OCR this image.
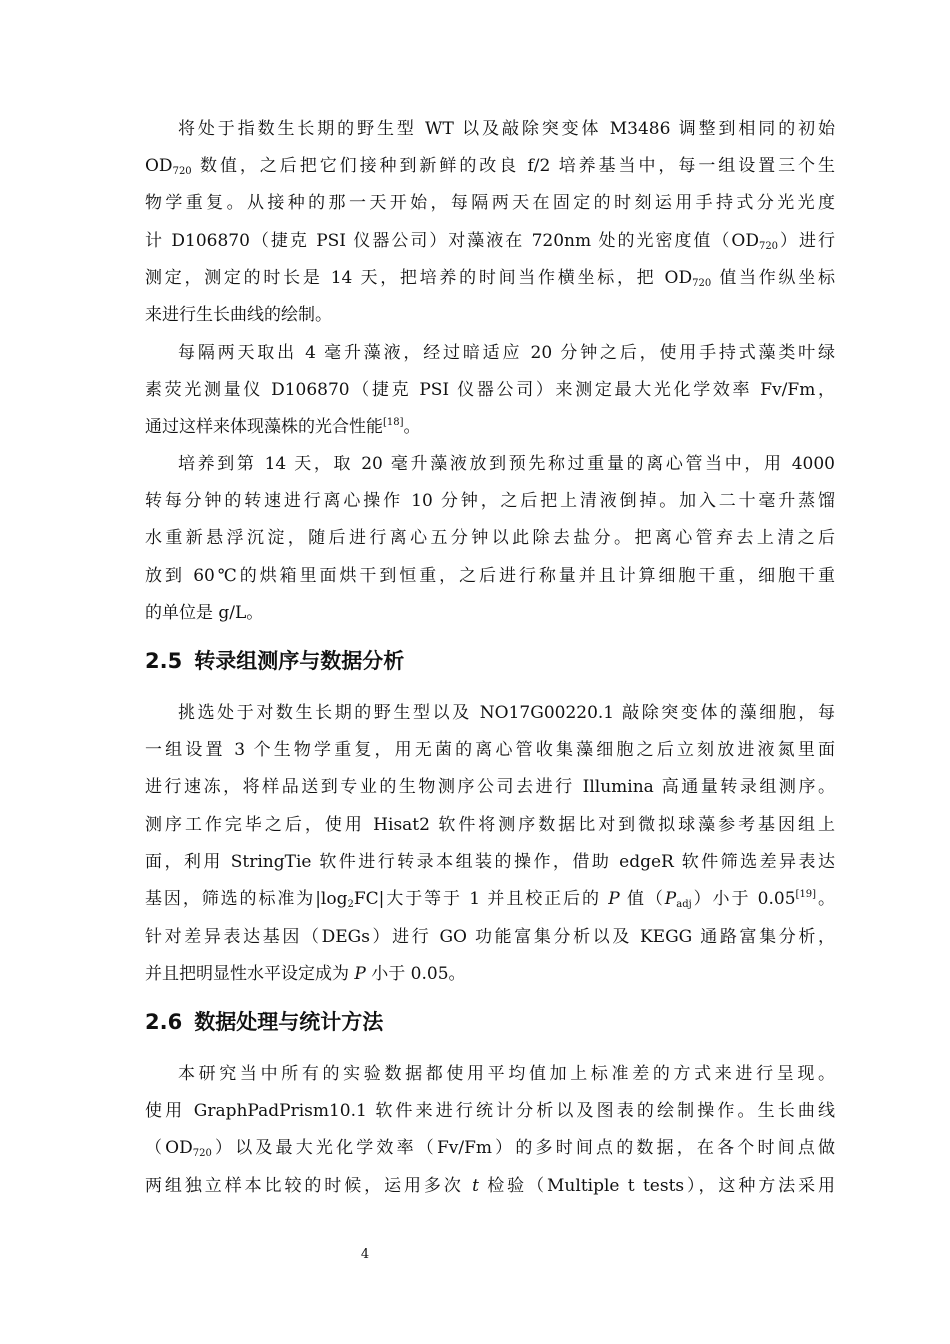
将处于指数生长期的野生型 WT 以及敲除突变体 M3486 调整到相同的初始
$OD_{720}$ 数值，之后把它们接种到新鲜的改良 f/2 培养基当中，每一组设置三个生
物学重复。从接种的那一天开始，每隔两天在固定的时刻运用手持式分光光度
计 D106870（捷克 PSI 仪器公司）对藻液在 720nm 处的光密度值$(OD_{720})$进行
测定，测定的时长是 14 天，把培养的时间当作横坐标，把 $OD_{720}$ 值当作纵坐标
来进行生长曲线的绘制。
每隔两天取出 4 毫升藻液，经过暗适应 20 分钟之后，使用手持式藻类叶绿
素荧光测量仪 D106870（捷克 PSI 仪器公司）来测定最大光化学效率 Fv/Fm，
通过这样来体现藻株的光合性能[18]。
培养到第 14 天，取 20 毫升藻液放到预先称过重量的离心管当中，用 4000
转每分钟的转速进行离心操作 10 分钟，之后把上清液倒掉。加入二十毫升蒸馏
水重新悬浮沉淀，随后进行离心五分钟以此除去盐分。把离心管弃去上清之后
放到 60℃的烘箱里面烘干到恒重，之后进行称量并且计算细胞干重，细胞干重
的单位是 g/L。
2.5 转录组测序与数据分析
挑选处于对数生长期的野生型以及 NO17G00220.1 敲除突变体的藻细胞，每
一组设置 3 个生物学重复，用无菌的离心管收集藻细胞之后立刻放进液氮里面
进行速冻，将样品送到专业的生物测序公司去进行 Illumina 高通量转录组测序。
测序工作完毕之后，使用 Hisat2 软件将测序数据比对到微拟球藻参考基因组上
面，利用 StringTie 软件进行转录本组装的操作，借助 edgeR 软件筛选差异表达
基因，筛选的标准为$|\log_2FC|$大于等于 1 并且校正后的 P 值$(P_{adj})$小于 0.05[19]。
针对差异表达基因（DEGs）进行 GO 功能富集分析以及 KEGG 通路富集分析，
并且把明显性水平设定成为 P 小于 0.05。
2.6 数据处理与统计方法
本研究当中所有的实验数据都使用平均值加上标准差的方式来进行呈现。
使用 GraphPadPrism10.1 软件来进行统计分析以及图表的绘制操作。生长曲线
$(OD_{720})$以及最大光化学效率（Fv/Fm）的多时间点的数据，在各个时间点做
两组独立样本比较的时候，运用多次 t 检验（Multiple t tests），这种方法采用
4
